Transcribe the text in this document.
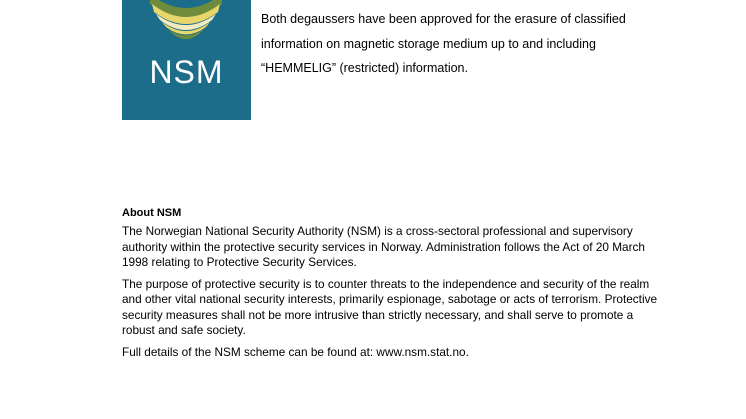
NSM

Both degaussers have been approved for the erasure of classified information on magnetic storage medium up to and including “HEMMELIG” (restricted) information.

About NSM

The Norwegian National Security Authority (NSM) is a cross-sectoral professional and supervisory authority within the protective security services in Norway. Administration follows the Act of 20 March 1998 relating to Protective Security Services.

The purpose of protective security is to counter threats to the independence and security of the realm and other vital national security interests, primarily espionage, sabotage or acts of terrorism. Protective security measures shall not be more intrusive than strictly necessary, and shall serve to promote a robust and safe society.

Full details of the NSM scheme can be found at: www.nsm.stat.no.
